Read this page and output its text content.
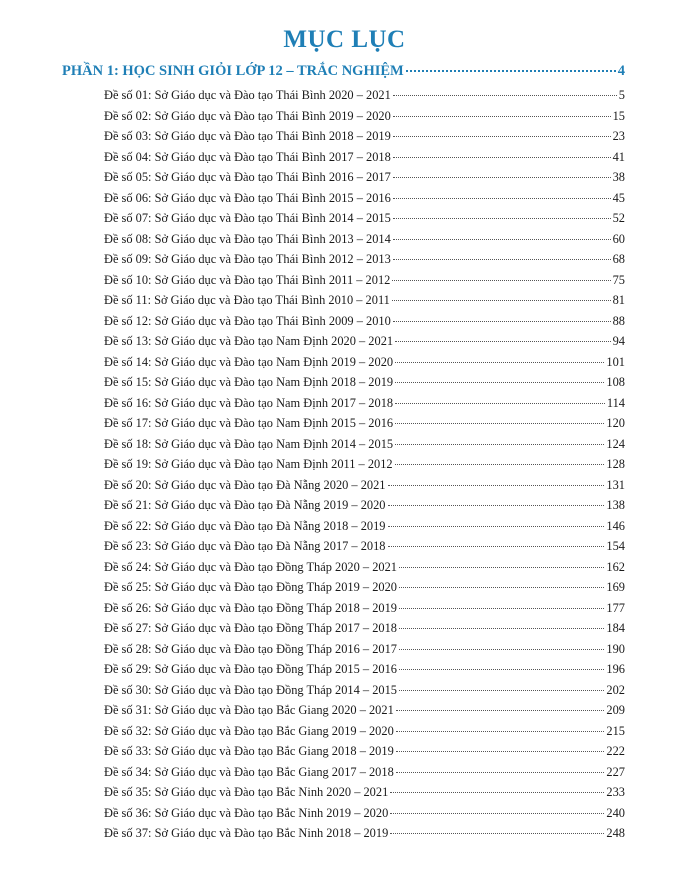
MỤC LỤC
PHẦN 1: HỌC SINH GIỎI LỚP 12 – TRẮC NGHIỆM	4
Đề số 01: Sở Giáo dục và Đào tạo Thái Bình 2020 – 2021	5
Đề số 02: Sở Giáo dục và Đào tạo Thái Bình 2019 – 2020	15
Đề số 03: Sở Giáo dục và Đào tạo Thái Bình 2018 – 2019	23
Đề số 04: Sở Giáo dục và Đào tạo Thái Bình 2017 – 2018	41
Đề số 05: Sở Giáo dục và Đào tạo Thái Bình 2016 – 2017	38
Đề số 06: Sở Giáo dục và Đào tạo Thái Bình 2015 – 2016	45
Đề số 07: Sở Giáo dục và Đào tạo Thái Bình 2014 – 2015	52
Đề số 08: Sở Giáo dục và Đào tạo Thái Bình 2013 – 2014	60
Đề số 09: Sở Giáo dục và Đào tạo Thái Bình 2012 – 2013	68
Đề số 10: Sở Giáo dục và Đào tạo Thái Bình 2011 – 2012	75
Đề số 11: Sở Giáo dục và Đào tạo Thái Bình 2010 – 2011	81
Đề số 12: Sở Giáo dục và Đào tạo Thái Bình 2009 – 2010	88
Đề số 13: Sở Giáo dục và Đào tạo Nam Định 2020 – 2021	94
Đề số 14: Sở Giáo dục và Đào tạo Nam Định 2019 – 2020	101
Đề số 15: Sở Giáo dục và Đào tạo Nam Định 2018 – 2019	108
Đề số 16: Sở Giáo dục và Đào tạo Nam Định 2017 – 2018	114
Đề số 17: Sở Giáo dục và Đào tạo Nam Định 2015 – 2016	120
Đề số 18: Sở Giáo dục và Đào tạo Nam Định 2014 – 2015	124
Đề số 19: Sở Giáo dục và Đào tạo Nam Định 2011 – 2012	128
Đề số 20: Sở Giáo dục và Đào tạo Đà Nẵng 2020 – 2021	131
Đề số 21: Sở Giáo dục và Đào tạo Đà Nẵng 2019 – 2020	138
Đề số 22: Sở Giáo dục và Đào tạo Đà Nẵng 2018 – 2019	146
Đề số 23: Sở Giáo dục và Đào tạo Đà Nẵng 2017 – 2018	154
Đề số 24: Sở Giáo dục và Đào tạo Đồng Tháp 2020 – 2021	162
Đề số 25: Sở Giáo dục và Đào tạo Đồng Tháp 2019 – 2020	169
Đề số 26: Sở Giáo dục và Đào tạo Đồng Tháp 2018 – 2019	177
Đề số 27: Sở Giáo dục và Đào tạo Đồng Tháp 2017 – 2018	184
Đề số 28: Sở Giáo dục và Đào tạo Đồng Tháp 2016 – 2017	190
Đề số 29: Sở Giáo dục và Đào tạo Đồng Tháp 2015 – 2016	196
Đề số 30: Sở Giáo dục và Đào tạo Đồng Tháp 2014 – 2015	202
Đề số 31: Sở Giáo dục và Đào tạo Bắc Giang 2020 – 2021	209
Đề số 32: Sở Giáo dục và Đào tạo Bắc Giang 2019 – 2020	215
Đề số 33: Sở Giáo dục và Đào tạo Bắc Giang 2018 – 2019	222
Đề số 34: Sở Giáo dục và Đào tạo Bắc Giang 2017 – 2018	227
Đề số 35: Sở Giáo dục và Đào tạo Bắc Ninh 2020 – 2021	233
Đề số 36: Sở Giáo dục và Đào tạo Bắc Ninh 2019 – 2020	240
Đề số 37: Sở Giáo dục và Đào tạo Bắc Ninh 2018 – 2019	248
